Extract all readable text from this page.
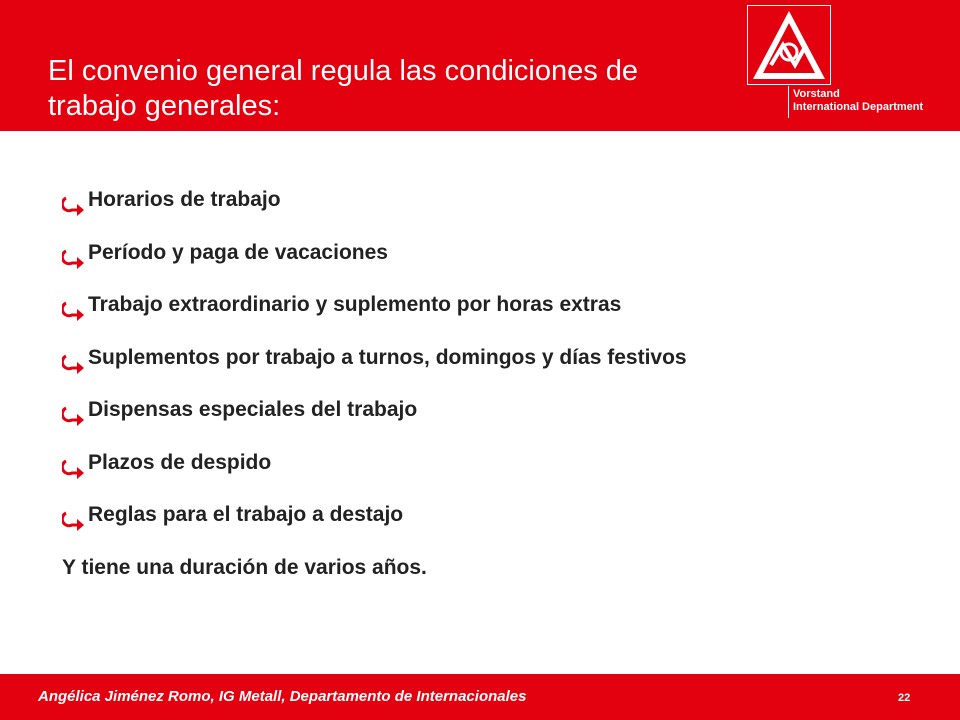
El convenio general regula las condiciones de trabajo generales:	Vorstand
International Department
Horarios de trabajo
Período y paga de vacaciones
Trabajo extraordinario y suplemento por horas extras
Suplementos por trabajo a turnos, domingos y días festivos
Dispensas especiales del trabajo
Plazos de despido
Reglas para el trabajo a destajo
Y tiene una duración de varios años.
Angélica Jiménez Romo, IG Metall, Departamento de Internacionales	22
